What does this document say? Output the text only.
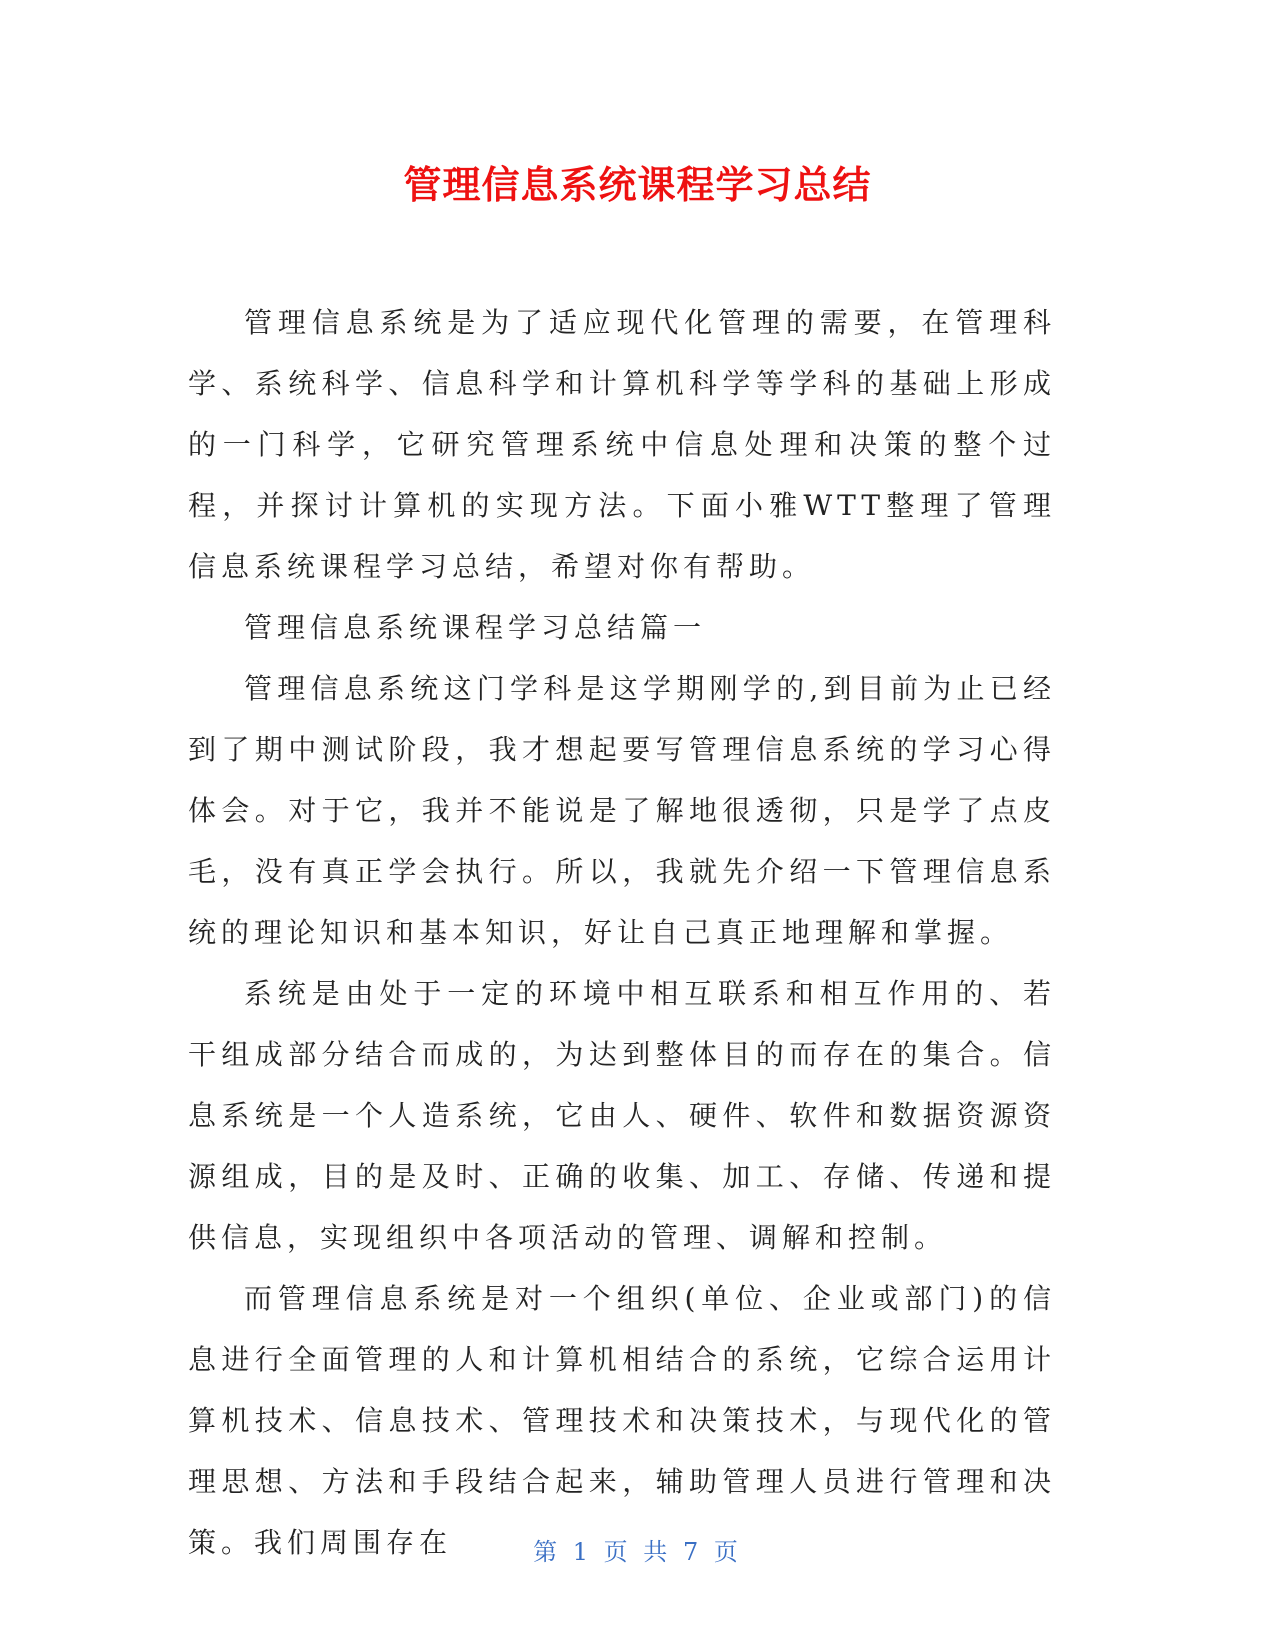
管理信息系统课程学习总结

管理信息系统是为了适应现代化管理的需要，在管理科学、系统科学、信息科学和计算机科学等学科的基础上形成的一门科学，它研究管理系统中信息处理和决策的整个过程，并探讨计算机的实现方法。下面小雅WTT整理了管理信息系统课程学习总结，希望对你有帮助。

管理信息系统课程学习总结篇一

管理信息系统这门学科是这学期刚学的,到目前为止已经到了期中测试阶段，我才想起要写管理信息系统的学习心得体会。对于它，我并不能说是了解地很透彻，只是学了点皮毛，没有真正学会执行。所以，我就先介绍一下管理信息系统的理论知识和基本知识，好让自己真正地理解和掌握。

系统是由处于一定的环境中相互联系和相互作用的、若干组成部分结合而成的，为达到整体目的而存在的集合。信息系统是一个人造系统，它由人、硬件、软件和数据资源资源组成，目的是及时、正确的收集、加工、存储、传递和提供信息，实现组织中各项活动的管理、调解和控制。

而管理信息系统是对一个组织(单位、企业或部门)的信息进行全面管理的人和计算机相结合的系统，它综合运用计算机技术、信息技术、管理技术和决策技术，与现代化的管理思想、方法和手段结合起来，辅助管理人员进行管理和决策。我们周围存在	第 1 页 共 7 页
